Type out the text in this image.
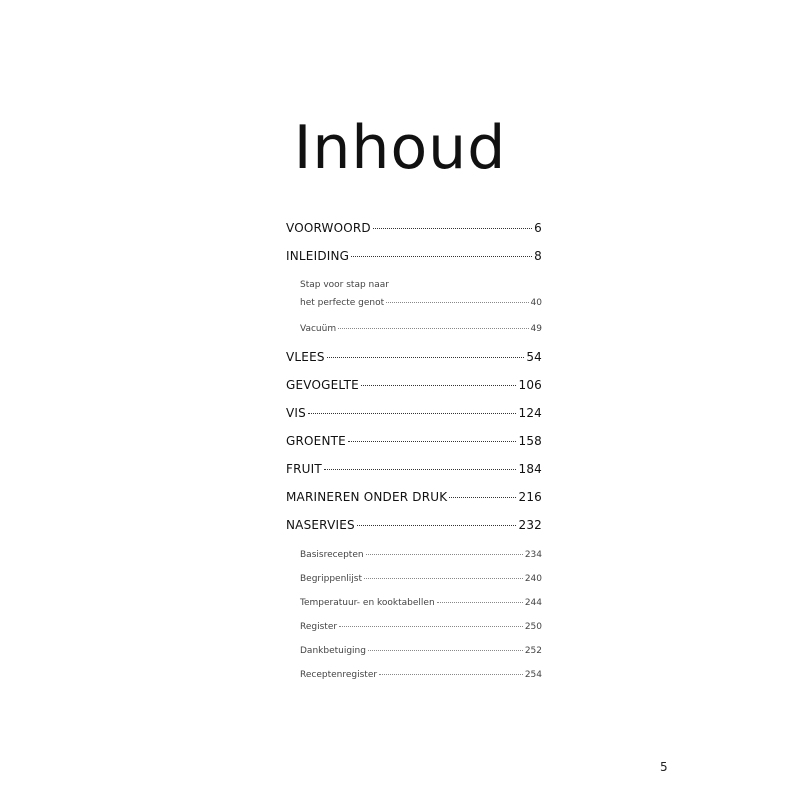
Inhoud
VOORWOORD	6
INLEIDING	8
Stap voor stap naar
het perfecte genot	40
Vacuüm	49
VLEES	54
GEVOGELTE	106
VIS	124
GROENTE	158
FRUIT	184
MARINEREN ONDER DRUK	216
NASERVIES	232
Basisrecepten	234
Begrippenlijst	240
Temperatuur- en kooktabellen	244
Register	250
Dankbetuiging	252
Receptenregister	254
5
